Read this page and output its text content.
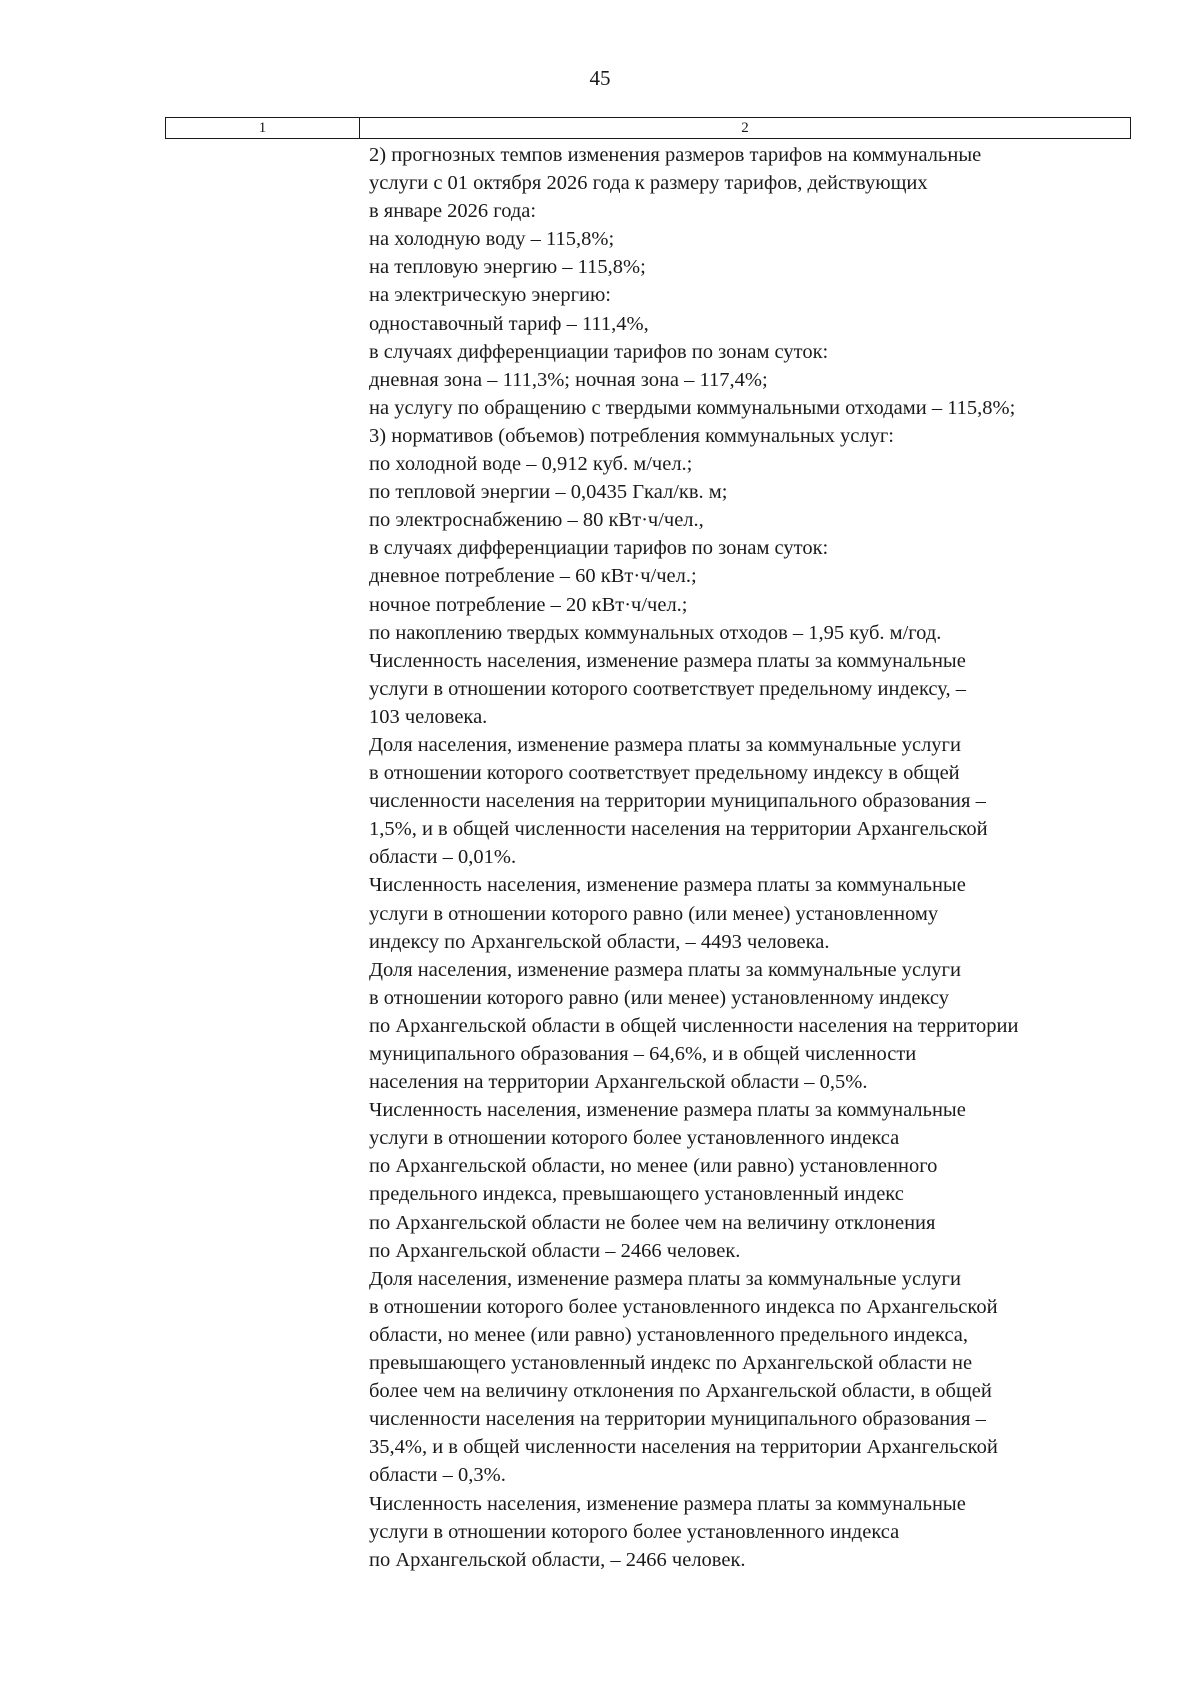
45
1	2
2) прогнозных темпов изменения размеров тарифов на коммунальные
услуги с 01 октября 2026 года к размеру тарифов, действующих
в январе 2026 года:
на холодную воду – 115,8%;
на тепловую энергию – 115,8%;
на электрическую энергию:
одноставочный тариф – 111,4%,
в случаях дифференциации тарифов по зонам суток:
дневная зона – 111,3%; ночная зона – 117,4%;
на услугу по обращению с твердыми коммунальными отходами – 115,8%;
3) нормативов (объемов) потребления коммунальных услуг:
по холодной воде – 0,912 куб. м/чел.;
по тепловой энергии – 0,0435 Гкал/кв. м;
по электроснабжению – 80 кВт·ч/чел.,
в случаях дифференциации тарифов по зонам суток:
дневное потребление – 60 кВт·ч/чел.;
ночное потребление – 20 кВт·ч/чел.;
по накоплению твердых коммунальных отходов – 1,95 куб. м/год.
Численность населения, изменение размера платы за коммунальные
услуги в отношении которого соответствует предельному индексу, –
103 человека.
Доля населения, изменение размера платы за коммунальные услуги
в отношении которого соответствует предельному индексу в общей
численности населения на территории муниципального образования –
1,5%, и в общей численности населения на территории Архангельской
области – 0,01%.
Численность населения, изменение размера платы за коммунальные
услуги в отношении которого равно (или менее) установленному
индексу по Архангельской области, – 4493 человека.
Доля населения, изменение размера платы за коммунальные услуги
в отношении которого равно (или менее) установленному индексу
по Архангельской области в общей численности населения на территории
муниципального образования – 64,6%, и в общей численности
населения на территории Архангельской области – 0,5%.
Численность населения, изменение размера платы за коммунальные
услуги в отношении которого более установленного индекса
по Архангельской области, но менее (или равно) установленного
предельного индекса, превышающего установленный индекс
по Архангельской области не более чем на величину отклонения
по Архангельской области – 2466 человек.
Доля населения, изменение размера платы за коммунальные услуги
в отношении которого более установленного индекса по Архангельской
области, но менее (или равно) установленного предельного индекса,
превышающего установленный индекс по Архангельской области не
более чем на величину отклонения по Архангельской области, в общей
численности населения на территории муниципального образования –
35,4%, и в общей численности населения на территории Архангельской
области – 0,3%.
Численность населения, изменение размера платы за коммунальные
услуги в отношении которого более установленного индекса
по Архангельской области, – 2466 человек.
